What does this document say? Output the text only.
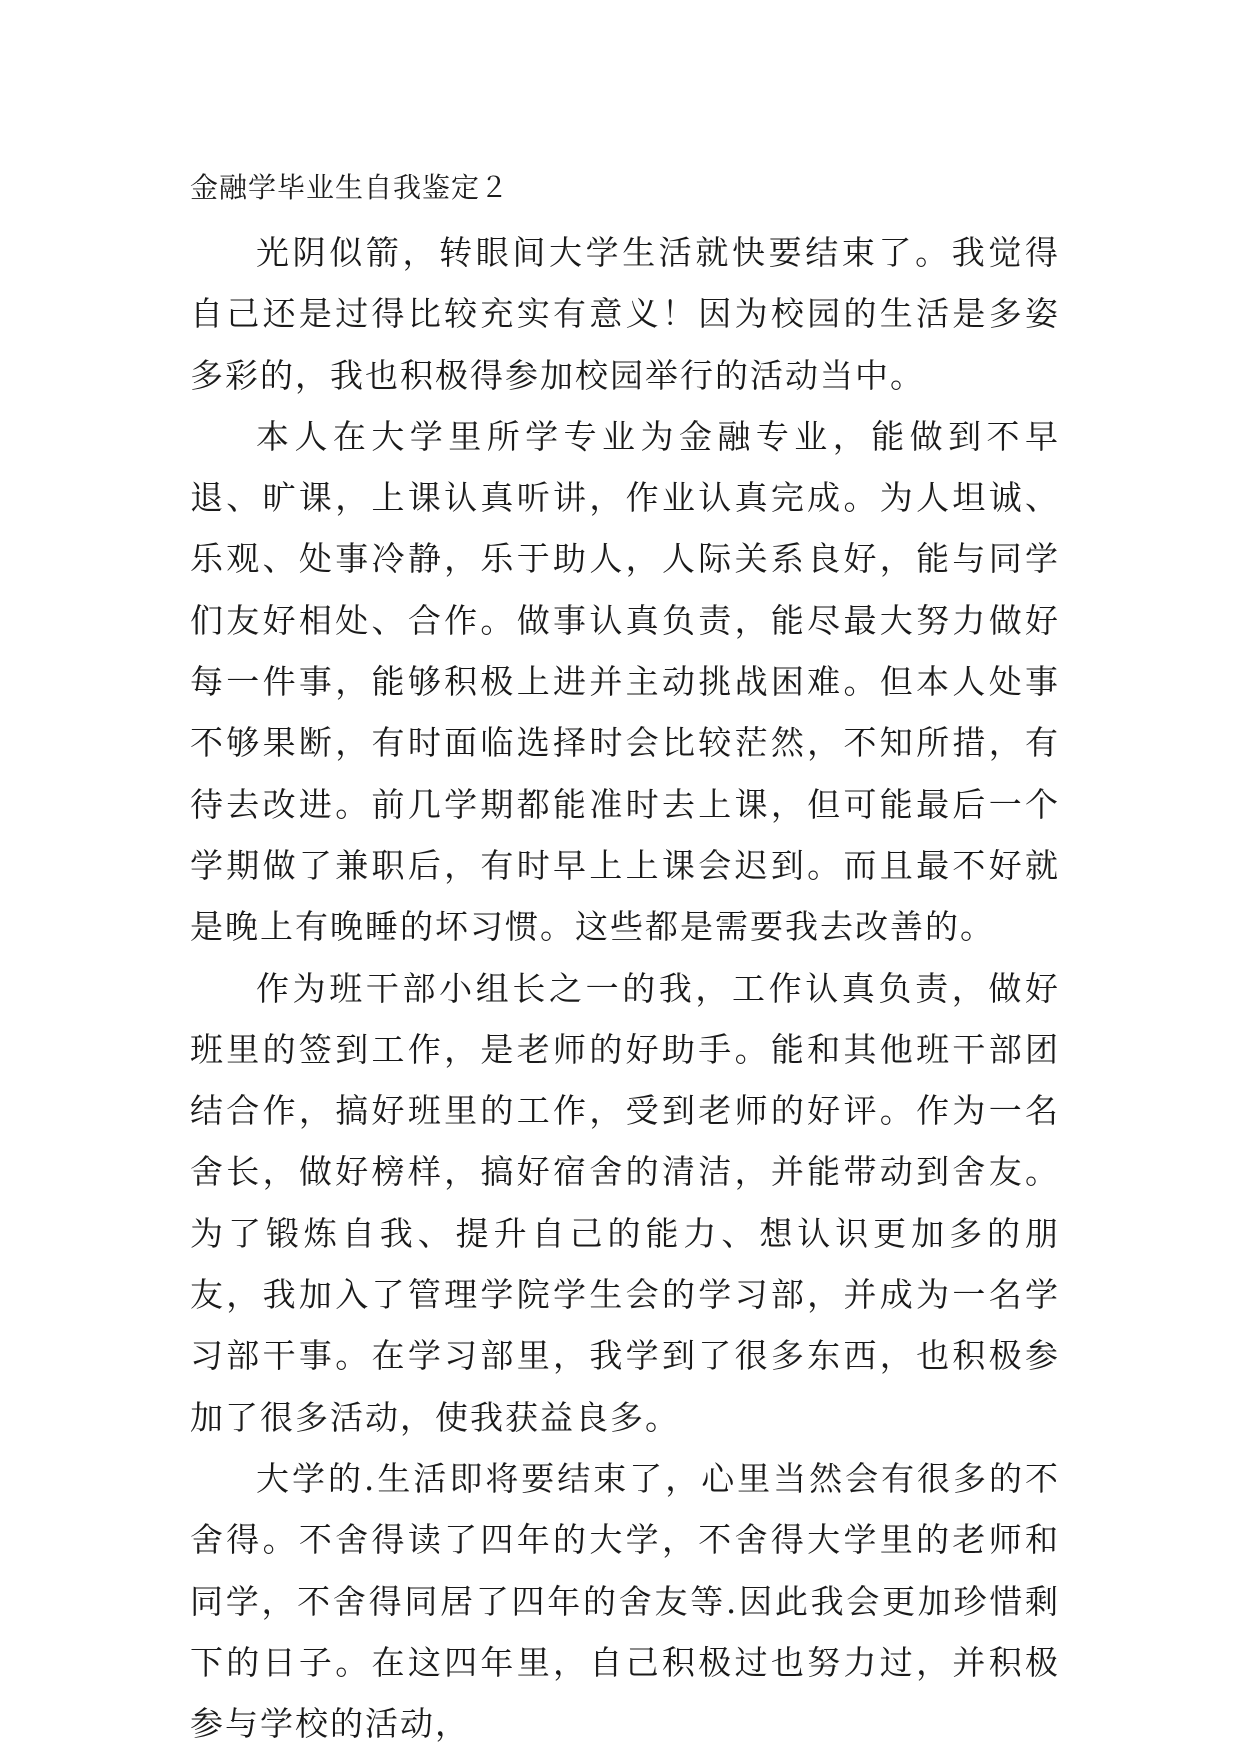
金融学毕业生自我鉴定２

光阴似箭，转眼间大学生活就快要结束了。我觉得自己还是过得比较充实有意义！因为校园的生活是多姿多彩的，我也积极得参加校园举行的活动当中。

本人在大学里所学专业为金融专业，能做到不早退、旷课，上课认真听讲，作业认真完成。为人坦诚、乐观、处事冷静，乐于助人，人际关系良好，能与同学们友好相处、合作。做事认真负责，能尽最大努力做好每一件事，能够积极上进并主动挑战困难。但本人处事不够果断，有时面临选择时会比较茫然，不知所措，有待去改进。前几学期都能准时去上课，但可能最后一个学期做了兼职后，有时早上上课会迟到。而且最不好就是晚上有晚睡的坏习惯。这些都是需要我去改善的。

作为班干部小组长之一的我，工作认真负责，做好班里的签到工作，是老师的好助手。能和其他班干部团结合作，搞好班里的工作，受到老师的好评。作为一名舍长，做好榜样，搞好宿舍的清洁，并能带动到舍友。为了锻炼自我、提升自己的能力、想认识更加多的朋友，我加入了管理学院学生会的学习部，并成为一名学习部干事。在学习部里，我学到了很多东西，也积极参加了很多活动，使我获益良多。

大学的.生活即将要结束了，心里当然会有很多的不舍得。不舍得读了四年的大学，不舍得大学里的老师和同学，不舍得同居了四年的舍友等.因此我会更加珍惜剩下的日子。在这四年里，自己积极过也努力过，并积极参与学校的活动，
